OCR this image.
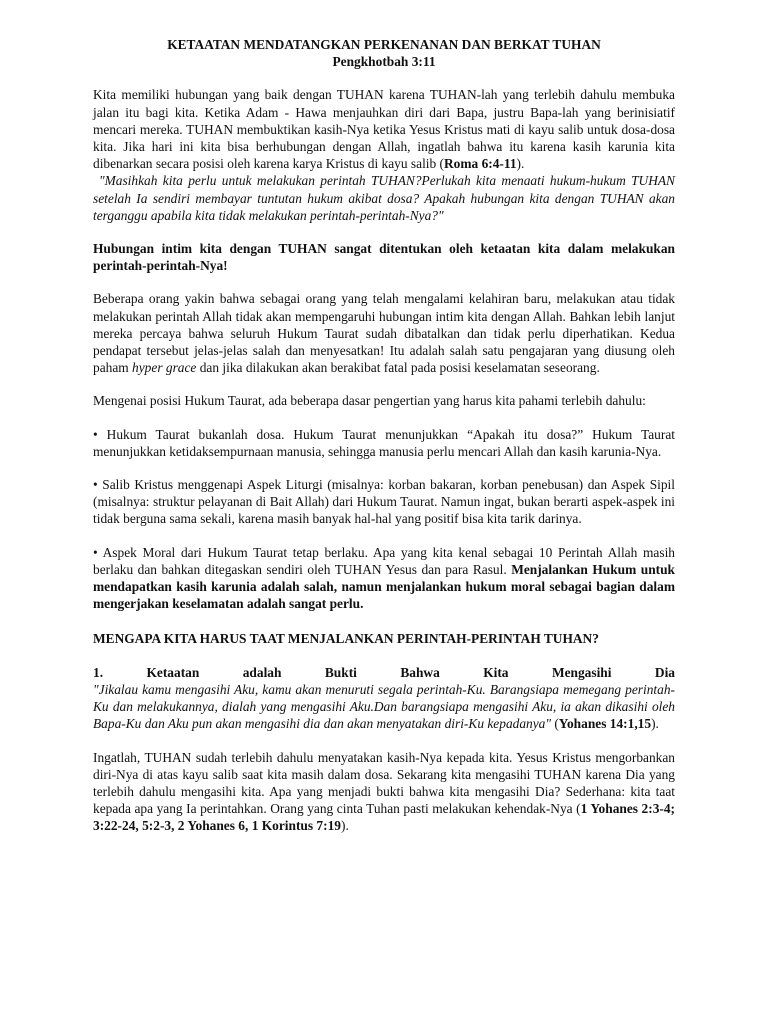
KETAATAN MENDATANGKAN PERKENANAN DAN BERKAT TUHAN

Pengkhotbah 3:11

Kita memiliki hubungan yang baik dengan TUHAN karena TUHAN-lah yang terlebih dahulu membuka jalan itu bagi kita. Ketika Adam - Hawa menjauhkan diri dari Bapa, justru Bapa-lah yang berinisiatif mencari mereka. TUHAN membuktikan kasih-Nya ketika Yesus Kristus mati di kayu salib untuk dosa-dosa kita. Jika hari ini kita bisa berhubungan dengan Allah, ingatlah bahwa itu karena kasih karunia kita dibenarkan secara posisi oleh karena karya Kristus di kayu salib (Roma 6:4-11).

"Masihkah kita perlu untuk melakukan perintah TUHAN?Perlukah kita menaati hukum-hukum TUHAN setelah Ia sendiri membayar tuntutan hukum akibat dosa? Apakah hubungan kita dengan TUHAN akan terganggu apabila kita tidak melakukan perintah-perintah-Nya?"

Hubungan intim kita dengan TUHAN sangat ditentukan oleh ketaatan kita dalam melakukan perintah-perintah-Nya!

Beberapa orang yakin bahwa sebagai orang yang telah mengalami kelahiran baru, melakukan atau tidak melakukan perintah Allah tidak akan mempengaruhi hubungan intim kita dengan Allah. Bahkan lebih lanjut mereka percaya bahwa seluruh Hukum Taurat sudah dibatalkan dan tidak perlu diperhatikan. Kedua pendapat tersebut jelas-jelas salah dan menyesatkan! Itu adalah salah satu pengajaran yang diusung oleh paham hyper grace dan jika dilakukan akan berakibat fatal pada posisi keselamatan seseorang.

Mengenai posisi Hukum Taurat, ada beberapa dasar pengertian yang harus kita pahami terlebih dahulu:

• Hukum Taurat bukanlah dosa. Hukum Taurat menunjukkan “Apakah itu dosa?” Hukum Taurat menunjukkan ketidaksempurnaan manusia, sehingga manusia perlu mencari Allah dan kasih karunia-Nya.

• Salib Kristus menggenapi Aspek Liturgi (misalnya: korban bakaran, korban penebusan) dan Aspek Sipil (misalnya: struktur pelayanan di Bait Allah) dari Hukum Taurat. Namun ingat, bukan berarti aspek-aspek ini tidak berguna sama sekali, karena masih banyak hal-hal yang positif bisa kita tarik darinya.

• Aspek Moral dari Hukum Taurat tetap berlaku. Apa yang kita kenal sebagai 10 Perintah Allah masih berlaku dan bahkan ditegaskan sendiri oleh TUHAN Yesus dan para Rasul. Menjalankan Hukum untuk mendapatkan kasih karunia adalah salah, namun menjalankan hukum moral sebagai bagian dalam mengerjakan keselamatan adalah sangat perlu.

MENGAPA KITA HARUS TAAT MENJALANKAN PERINTAH-PERINTAH TUHAN?

1. Ketaatan adalah Bukti Bahwa Kita Mengasihi Dia

"Jikalau kamu mengasihi Aku, kamu akan menuruti segala perintah-Ku. Barangsiapa memegang perintah-Ku dan melakukannya, dialah yang mengasihi Aku.Dan barangsiapa mengasihi Aku, ia akan dikasihi oleh Bapa-Ku dan Aku pun akan mengasihi dia dan akan menyatakan diri-Ku kepadanya" (Yohanes 14:1,15).

Ingatlah, TUHAN sudah terlebih dahulu menyatakan kasih-Nya kepada kita. Yesus Kristus mengorbankan diri-Nya di atas kayu salib saat kita masih dalam dosa. Sekarang kita mengasihi TUHAN karena Dia yang terlebih dahulu mengasihi kita. Apa yang menjadi bukti bahwa kita mengasihi Dia? Sederhana: kita taat kepada apa yang Ia perintahkan. Orang yang cinta Tuhan pasti melakukan kehendak-Nya (1 Yohanes 2:3-4; 3:22-24, 5:2-3, 2 Yohanes 6, 1 Korintus 7:19).
